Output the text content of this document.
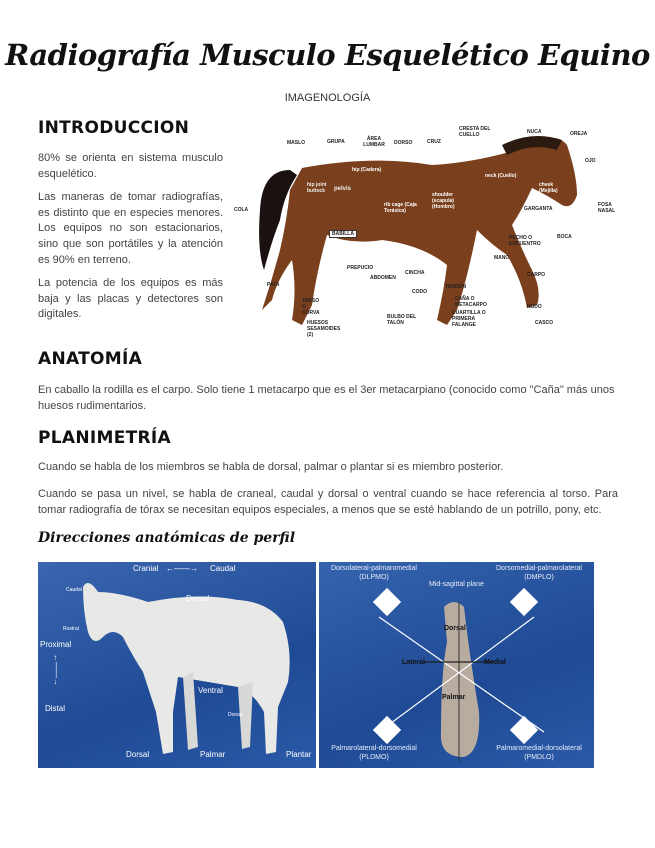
Radiografía Musculo Esquelético Equino
IMAGENOLOGÍA
INTRODUCCION

80% se orienta en sistema musculo esquelético.

Las maneras de tomar radiografías, es distinto que en especies menores. Los equipos no son estacionarios, sino que son portátiles y la atención es 90% en terreno.

La potencia de los equipos es más baja y las placas y detectores son digitales.

MASLO	GRUPA	ÁREA LUMBAR DORSO	CRUZ
CRESTA DEL CUELLO	NUCA	OREJA
OJO
FOSA NASAL
BOCA
GARGANTA
PECHO O ENCUENTRO
MANO
CARPO
NUDO
CASCO
TENDÓN
CAÑA O METACARPO
CUARTILLA O PRIMERA FALANGE
BULBO DEL TALÓN
CODO
CINCHA
ABDOMEN
PREPUCIO
BABILLA
COLA
PATA
TARSO O CORVA
HUESOS SESAMOIDES (2)
hip (Cadera)
pelvis
hip joint buttock
rib cage (Caja Toráxica)
shoulder (scapula) (Hombro)
neck (Cuello)
cheek (Mejilla)
ANATOMÍA
En caballo la rodilla es el carpo. Solo tiene 1 metacarpo que es el 3er metacarpiano (conocido como "Caña" más unos huesos rudimentarios.
PLANIMETRÍA
Cuando se habla de los miembros se habla de dorsal, palmar o plantar si es miembro posterior.
Cuando se pasa un nivel, se habla de craneal, caudal y dorsal o ventral cuando se hace referencia al torso. Para tomar radiografía de tórax se necesitan equipos especiales, a menos que se esté hablando de un potrillo, pony, etc.
Direcciones anatómicas de perfil
Cranial ←——→ Caudal
Dorsal
Caudal
Rostral
Proximal
←——→
Distal
Ventral
Dorsal
Dorsal	Palmar	Plantar
Dorsolateral-palmaromedial
(DLPMO)
Dorsomedial-palmarolateral
(DMPLO)
Mid-sagittal plane
Dorsal
Lateral	Medial
Palmar
Palmarolateral-dorsomedial
(PLDMO)
Palmaromedial-dorsolateral
(PMDLO)
